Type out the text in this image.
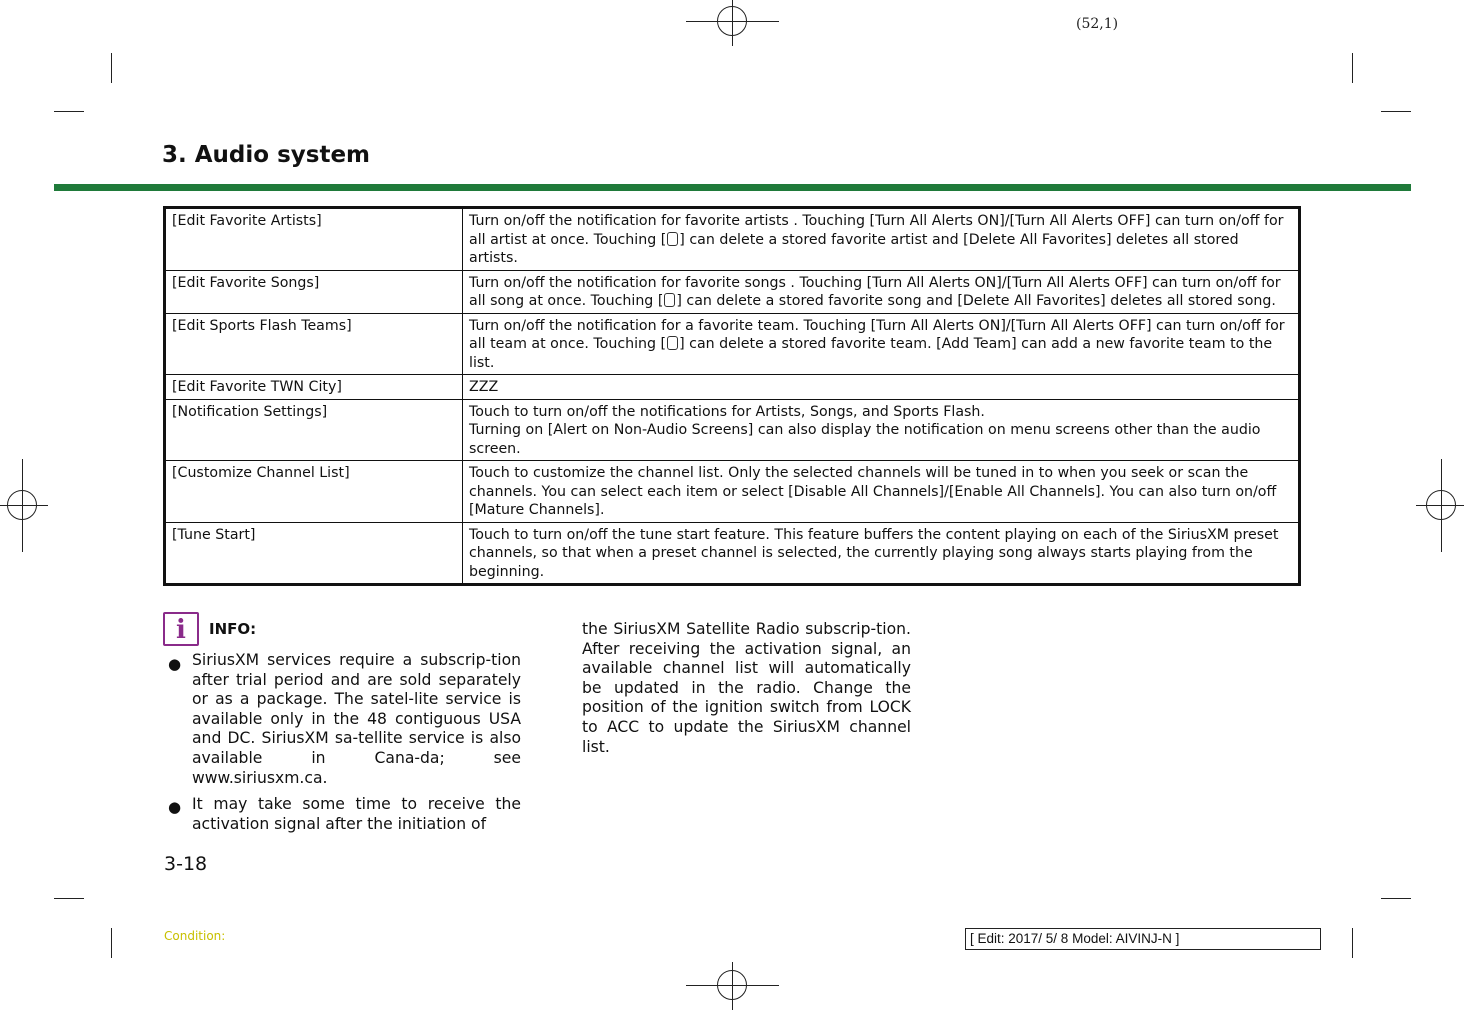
(52,1)
3. Audio system
[Edit Favorite Artists]	Turn on/off the notification for favorite artists . Touching [Turn All Alerts ON]/[Turn All Alerts OFF] can turn on/off for all artist at once. Touching [ ] can delete a stored favorite artist and [Delete All Favorites] deletes all stored artists.
[Edit Favorite Songs]	Turn on/off the notification for favorite songs . Touching [Turn All Alerts ON]/[Turn All Alerts OFF] can turn on/off for all song at once. Touching [ ] can delete a stored favorite song and [Delete All Favorites] deletes all stored song.
[Edit Sports Flash Teams]	Turn on/off the notification for a favorite team. Touching [Turn All Alerts ON]/[Turn All Alerts OFF] can turn on/off for all team at once. Touching [ ] can delete a stored favorite team. [Add Team] can add a new favorite team to the list.
[Edit Favorite TWN City]	ZZZ
[Notification Settings]	Touch to turn on/off the notifications for Artists, Songs, and Sports Flash.
Turning on [Alert on Non-Audio Screens] can also display the notification on menu screens other than the audio screen.

[Customize Channel List]	Touch to customize the channel list. Only the selected channels will be tuned in to when you seek or scan the channels. You can select each item or select [Disable All Channels]/[Enable All Channels]. You can also turn on/off [Mature Channels].
[Tune Start]	Touch to turn on/off the tune start feature. This feature buffers the content playing on each of the SiriusXM preset channels, so that when a preset channel is selected, the currently playing song always starts playing from the beginning.
i	INFO:
● SiriusXM services require a subscrip-tion after trial period and are sold separately or as a package. The satel-lite service is available only in the 48 contiguous USA and DC. SiriusXM sa-tellite service is also available in Cana-da; see www.siriusxm.ca.
● It may take some time to receive the activation signal after the initiation of
the SiriusXM Satellite Radio subscrip-tion. After receiving the activation signal, an available channel list will automatically be updated in the radio. Change the position of the ignition switch from LOCK to ACC to update the SiriusXM channel list.
3-18
Condition:	[ Edit: 2017/ 5/ 8 Model: AIVINJ-N ]
